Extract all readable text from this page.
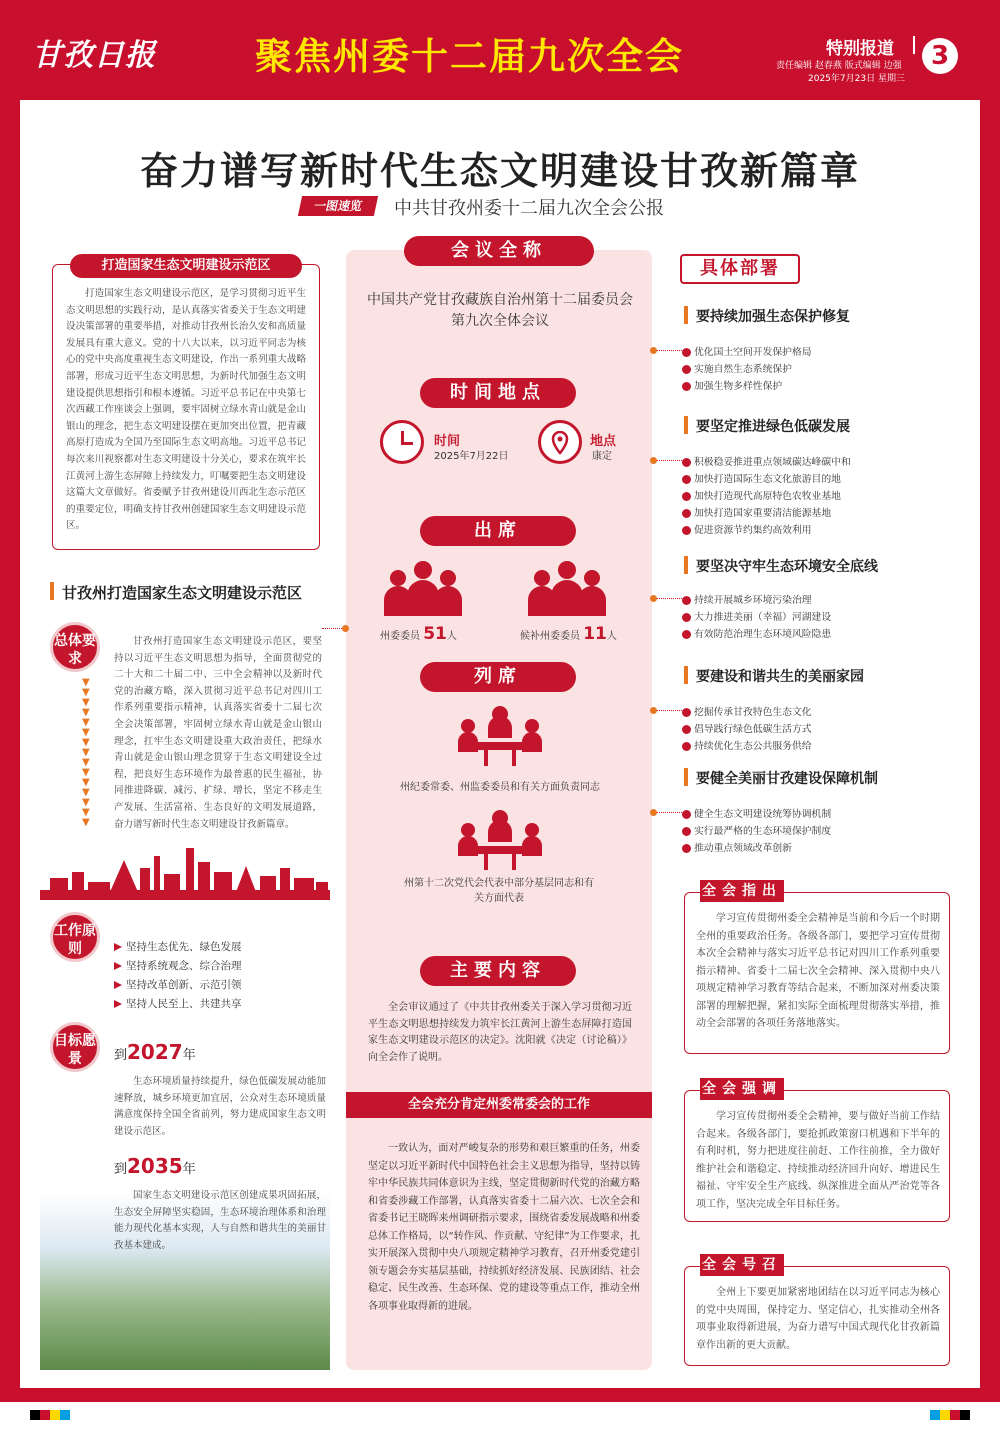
甘孜日报	聚焦州委十二届九次全会	特别报道	3
责任编辑 赵春燕 版式编辑 边强
2025年7月23日 星期三
奋力谱写新时代生态文明建设甘孜新篇章
一图速览	中共甘孜州委十二届九次全会公报
打造国家生态文明建设示范区
打造国家生态文明建设示范区，是学习贯彻习近平生态文明思想的实践行动，是认真落实省委关于生态文明建设决策部署的重要举措，对推动甘孜州长治久安和高质量发展具有重大意义。党的十八大以来，以习近平同志为核心的党中央高度重视生态文明建设，作出一系列重大战略部署，形成习近平生态文明思想，为新时代加强生态文明建设提供思想指引和根本遵循。习近平总书记在中央第七次西藏工作座谈会上强调，要牢固树立绿水青山就是金山银山的理念，把生态文明建设摆在更加突出位置，把青藏高原打造成为全国乃至国际生态文明高地。习近平总书记每次来川视察都对生态文明建设十分关心，要求在筑牢长江黄河上游生态屏障上持续发力，叮嘱要把生态文明建设这篇大文章做好。省委赋予甘孜州建设川西北生态示范区的重要定位，明确支持甘孜州创建国家生态文明建设示范区。
甘孜州打造国家生态文明建设示范区
总体要求
▼
▼
▼
▼
▼
▼
▼
▼
▼
▼
▼
▼
▼
▼
▼
甘孜州打造国家生态文明建设示范区，要坚持以习近平生态文明思想为指导，全面贯彻党的二十大和二十届二中、三中全会精神以及新时代党的治藏方略，深入贯彻习近平总书记对四川工作系列重要指示精神，认真落实省委十二届七次全会决策部署，牢固树立绿水青山就是金山银山理念，扛牢生态文明建设重大政治责任，把绿水青山就是金山银山理念贯穿于生态文明建设全过程，把良好生态环境作为最普惠的民生福祉，协同推进降碳、减污、扩绿、增长，坚定不移走生产发展、生活富裕、生态良好的文明发展道路，奋力谱写新时代生态文明建设甘孜新篇章。
工作原则	坚持生态优先、绿色发展
坚持系统观念、综合治理
坚持改革创新、示范引领
坚持人民至上、共建共享
目标愿景	到2027年
生态环境质量持续提升，绿色低碳发展动能加速释放，城乡环境更加宜居，公众对生态环境质量满意度保持全国全省前列，努力建成国家生态文明建设示范区。
到2035年
国家生态文明建设示范区创建成果巩固拓展，生态安全屏障坚实稳固，生态环境治理体系和治理能力现代化基本实现，人与自然和谐共生的美丽甘孜基本建成。
会议全称
中国共产党甘孜藏族自治州第十二届委员会第九次全体会议
时间地点
时间
2025年7月22日
地点
康定
出席
州委委员 51人	候补州委委员 11人
列席
州纪委常委、州监委委员和有关方面负责同志
州第十二次党代会代表中部分基层同志和有关方面代表
主要内容
全会审议通过了《中共甘孜州委关于深入学习贯彻习近平生态文明思想持续发力筑牢长江黄河上游生态屏障打造国家生态文明建设示范区的决定》。沈阳就《决定（讨论稿）》向全会作了说明。
全会充分肯定州委常委会的工作
一致认为，面对严峻复杂的形势和艰巨繁重的任务，州委坚定以习近平新时代中国特色社会主义思想为指导，坚持以铸牢中华民族共同体意识为主线，坚定贯彻新时代党的治藏方略和省委涉藏工作部署，认真落实省委十二届六次、七次全会和省委书记王晓晖来州调研指示要求，围绕省委发展战略和州委总体工作格局，以“转作风、作贡献、守纪律”为工作要求，扎实开展深入贯彻中央八项规定精神学习教育，召开州委党建引领专题会夯实基层基础，持续抓好经济发展、民族团结、社会稳定、民生改善、生态环保、党的建设等重点工作，推动全州各项事业取得新的进展。
具体部署
要持续加强生态保护修复
优化国土空间开发保护格局
实施自然生态系统保护
加强生物多样性保护
要坚定推进绿色低碳发展
积极稳妥推进重点领域碳达峰碳中和
加快打造国际生态文化旅游目的地
加快打造现代高原特色农牧业基地
加快打造国家重要清洁能源基地
促进资源节约集约高效利用
要坚决守牢生态环境安全底线
持续开展城乡环境污染治理
大力推进美丽（幸福）河湖建设
有效防范治理生态环境风险隐患
要建设和谐共生的美丽家园
挖掘传承甘孜特色生态文化
倡导践行绿色低碳生活方式
持续优化生态公共服务供给
要健全美丽甘孜建设保障机制
健全生态文明建设统筹协调机制
实行最严格的生态环境保护制度
推动重点领域改革创新
全会指出
学习宣传贯彻州委全会精神是当前和今后一个时期全州的重要政治任务。各级各部门，要把学习宣传贯彻本次全会精神与落实习近平总书记对四川工作系列重要指示精神、省委十二届七次全会精神、深入贯彻中央八项规定精神学习教育等结合起来，不断加深对州委决策部署的理解把握，紧扣实际全面梳理贯彻落实举措，推动全会部署的各项任务落地落实。
全会强调
学习宣传贯彻州委全会精神，要与做好当前工作结合起来。各级各部门，要抢抓政策窗口机遇和下半年的有利时机，努力把进度往前赶、工作往前推，全力做好维护社会和谐稳定、持续推动经济回升向好、增进民生福祉、守牢安全生产底线、纵深推进全面从严治党等各项工作，坚决完成全年目标任务。
全会号召
全州上下要更加紧密地团结在以习近平同志为核心的党中央周围，保持定力、坚定信心，扎实推动全州各项事业取得新进展，为奋力谱写中国式现代化甘孜新篇章作出新的更大贡献。
